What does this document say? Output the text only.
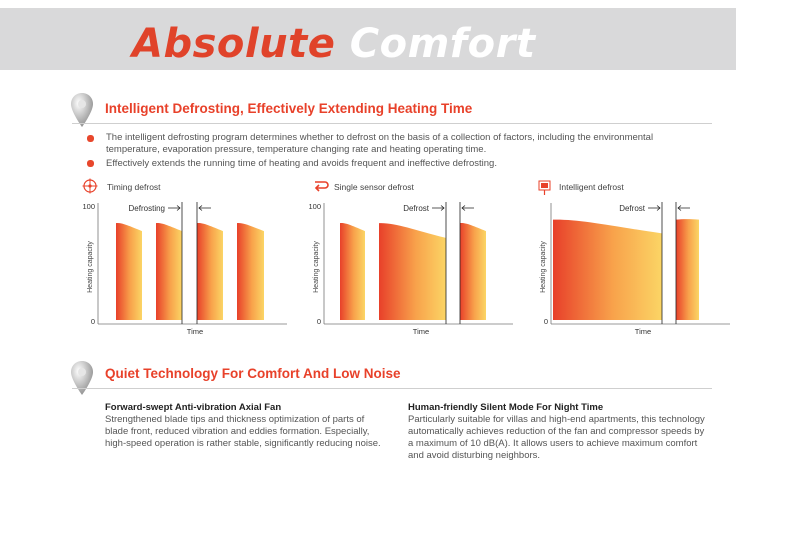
Absolute Comfort
Intelligent Defrosting, Effectively Extending Heating Time
The intelligent defrosting program determines whether to defrost on the basis of a collection of factors, including the environmental temperature, evaporation pressure, temperature changing rate and heating operating time.
Effectively extends the running time of heating and avoids frequent and ineffective defrosting.
Timing defrost	Single sensor defrost	Intelligent defrost
100
0
Heating capacity
Time
Defrosting	100
0
Heating capacity
Time
Defrost
0
Heating capacity
Time
Defrost
Quiet Technology For Comfort And Low Noise
Forward-swept Anti-vibration Axial Fan
Strengthened blade tips and thickness optimization of parts of blade front, reduced vibration and eddies formation. Especially, high-speed operation is rather stable, significantly reducing noise.
Human-friendly Silent Mode For Night Time
Particularly suitable for villas and high-end apartments, this technology automatically achieves reduction of the fan and compressor speeds by a maximum of 10 dB(A). It allows users to achieve maximum comfort and avoid disturbing neighbors.
